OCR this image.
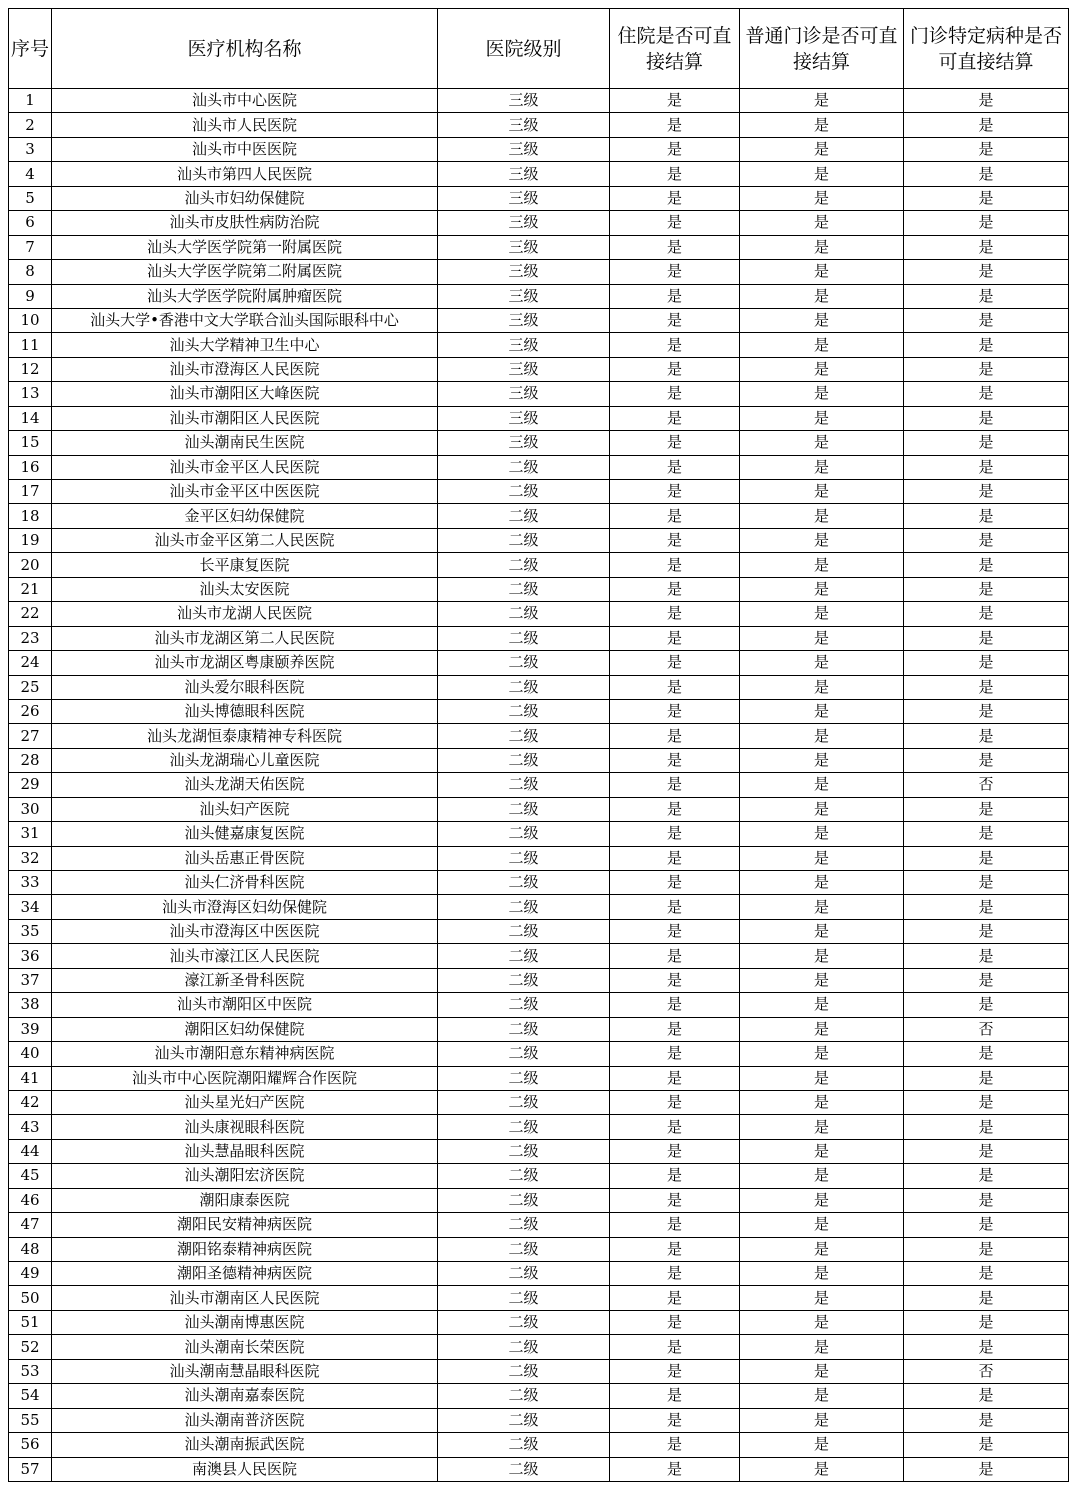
序号	医疗机构名称	医院级别	住院是否可直接结算	普通门诊是否可直接结算	门诊特定病种是否可直接结算
1	汕头市中心医院	三级	是	是	是
2	汕头市人民医院	三级	是	是	是
3	汕头市中医医院	三级	是	是	是
4	汕头市第四人民医院	三级	是	是	是
5	汕头市妇幼保健院	三级	是	是	是
6	汕头市皮肤性病防治院	三级	是	是	是
7	汕头大学医学院第一附属医院	三级	是	是	是
8	汕头大学医学院第二附属医院	三级	是	是	是
9	汕头大学医学院附属肿瘤医院	三级	是	是	是
10	汕头大学•香港中文大学联合汕头国际眼科中心	三级	是	是	是
11	汕头大学精神卫生中心	三级	是	是	是
12	汕头市澄海区人民医院	三级	是	是	是
13	汕头市潮阳区大峰医院	三级	是	是	是
14	汕头市潮阳区人民医院	三级	是	是	是
15	汕头潮南民生医院	三级	是	是	是
16	汕头市金平区人民医院	二级	是	是	是
17	汕头市金平区中医医院	二级	是	是	是
18	金平区妇幼保健院	二级	是	是	是
19	汕头市金平区第二人民医院	二级	是	是	是
20	长平康复医院	二级	是	是	是
21	汕头太安医院	二级	是	是	是
22	汕头市龙湖人民医院	二级	是	是	是
23	汕头市龙湖区第二人民医院	二级	是	是	是
24	汕头市龙湖区粤康颐养医院	二级	是	是	是
25	汕头爱尔眼科医院	二级	是	是	是
26	汕头博德眼科医院	二级	是	是	是
27	汕头龙湖恒泰康精神专科医院	二级	是	是	是
28	汕头龙湖瑞心儿童医院	二级	是	是	是
29	汕头龙湖天佑医院	二级	是	是	否
30	汕头妇产医院	二级	是	是	是
31	汕头健嘉康复医院	二级	是	是	是
32	汕头岳惠正骨医院	二级	是	是	是
33	汕头仁济骨科医院	二级	是	是	是
34	汕头市澄海区妇幼保健院	二级	是	是	是
35	汕头市澄海区中医医院	二级	是	是	是
36	汕头市濠江区人民医院	二级	是	是	是
37	濠江新圣骨科医院	二级	是	是	是
38	汕头市潮阳区中医院	二级	是	是	是
39	潮阳区妇幼保健院	二级	是	是	否
40	汕头市潮阳意东精神病医院	二级	是	是	是
41	汕头市中心医院潮阳耀辉合作医院	二级	是	是	是
42	汕头星光妇产医院	二级	是	是	是
43	汕头康视眼科医院	二级	是	是	是
44	汕头慧晶眼科医院	二级	是	是	是
45	汕头潮阳宏济医院	二级	是	是	是
46	潮阳康泰医院	二级	是	是	是
47	潮阳民安精神病医院	二级	是	是	是
48	潮阳铭泰精神病医院	二级	是	是	是
49	潮阳圣德精神病医院	二级	是	是	是
50	汕头市潮南区人民医院	二级	是	是	是
51	汕头潮南博惠医院	二级	是	是	是
52	汕头潮南长荣医院	二级	是	是	是
53	汕头潮南慧晶眼科医院	二级	是	是	否
54	汕头潮南嘉泰医院	二级	是	是	是
55	汕头潮南普济医院	二级	是	是	是
56	汕头潮南振武医院	二级	是	是	是
57	南澳县人民医院	二级	是	是	是
